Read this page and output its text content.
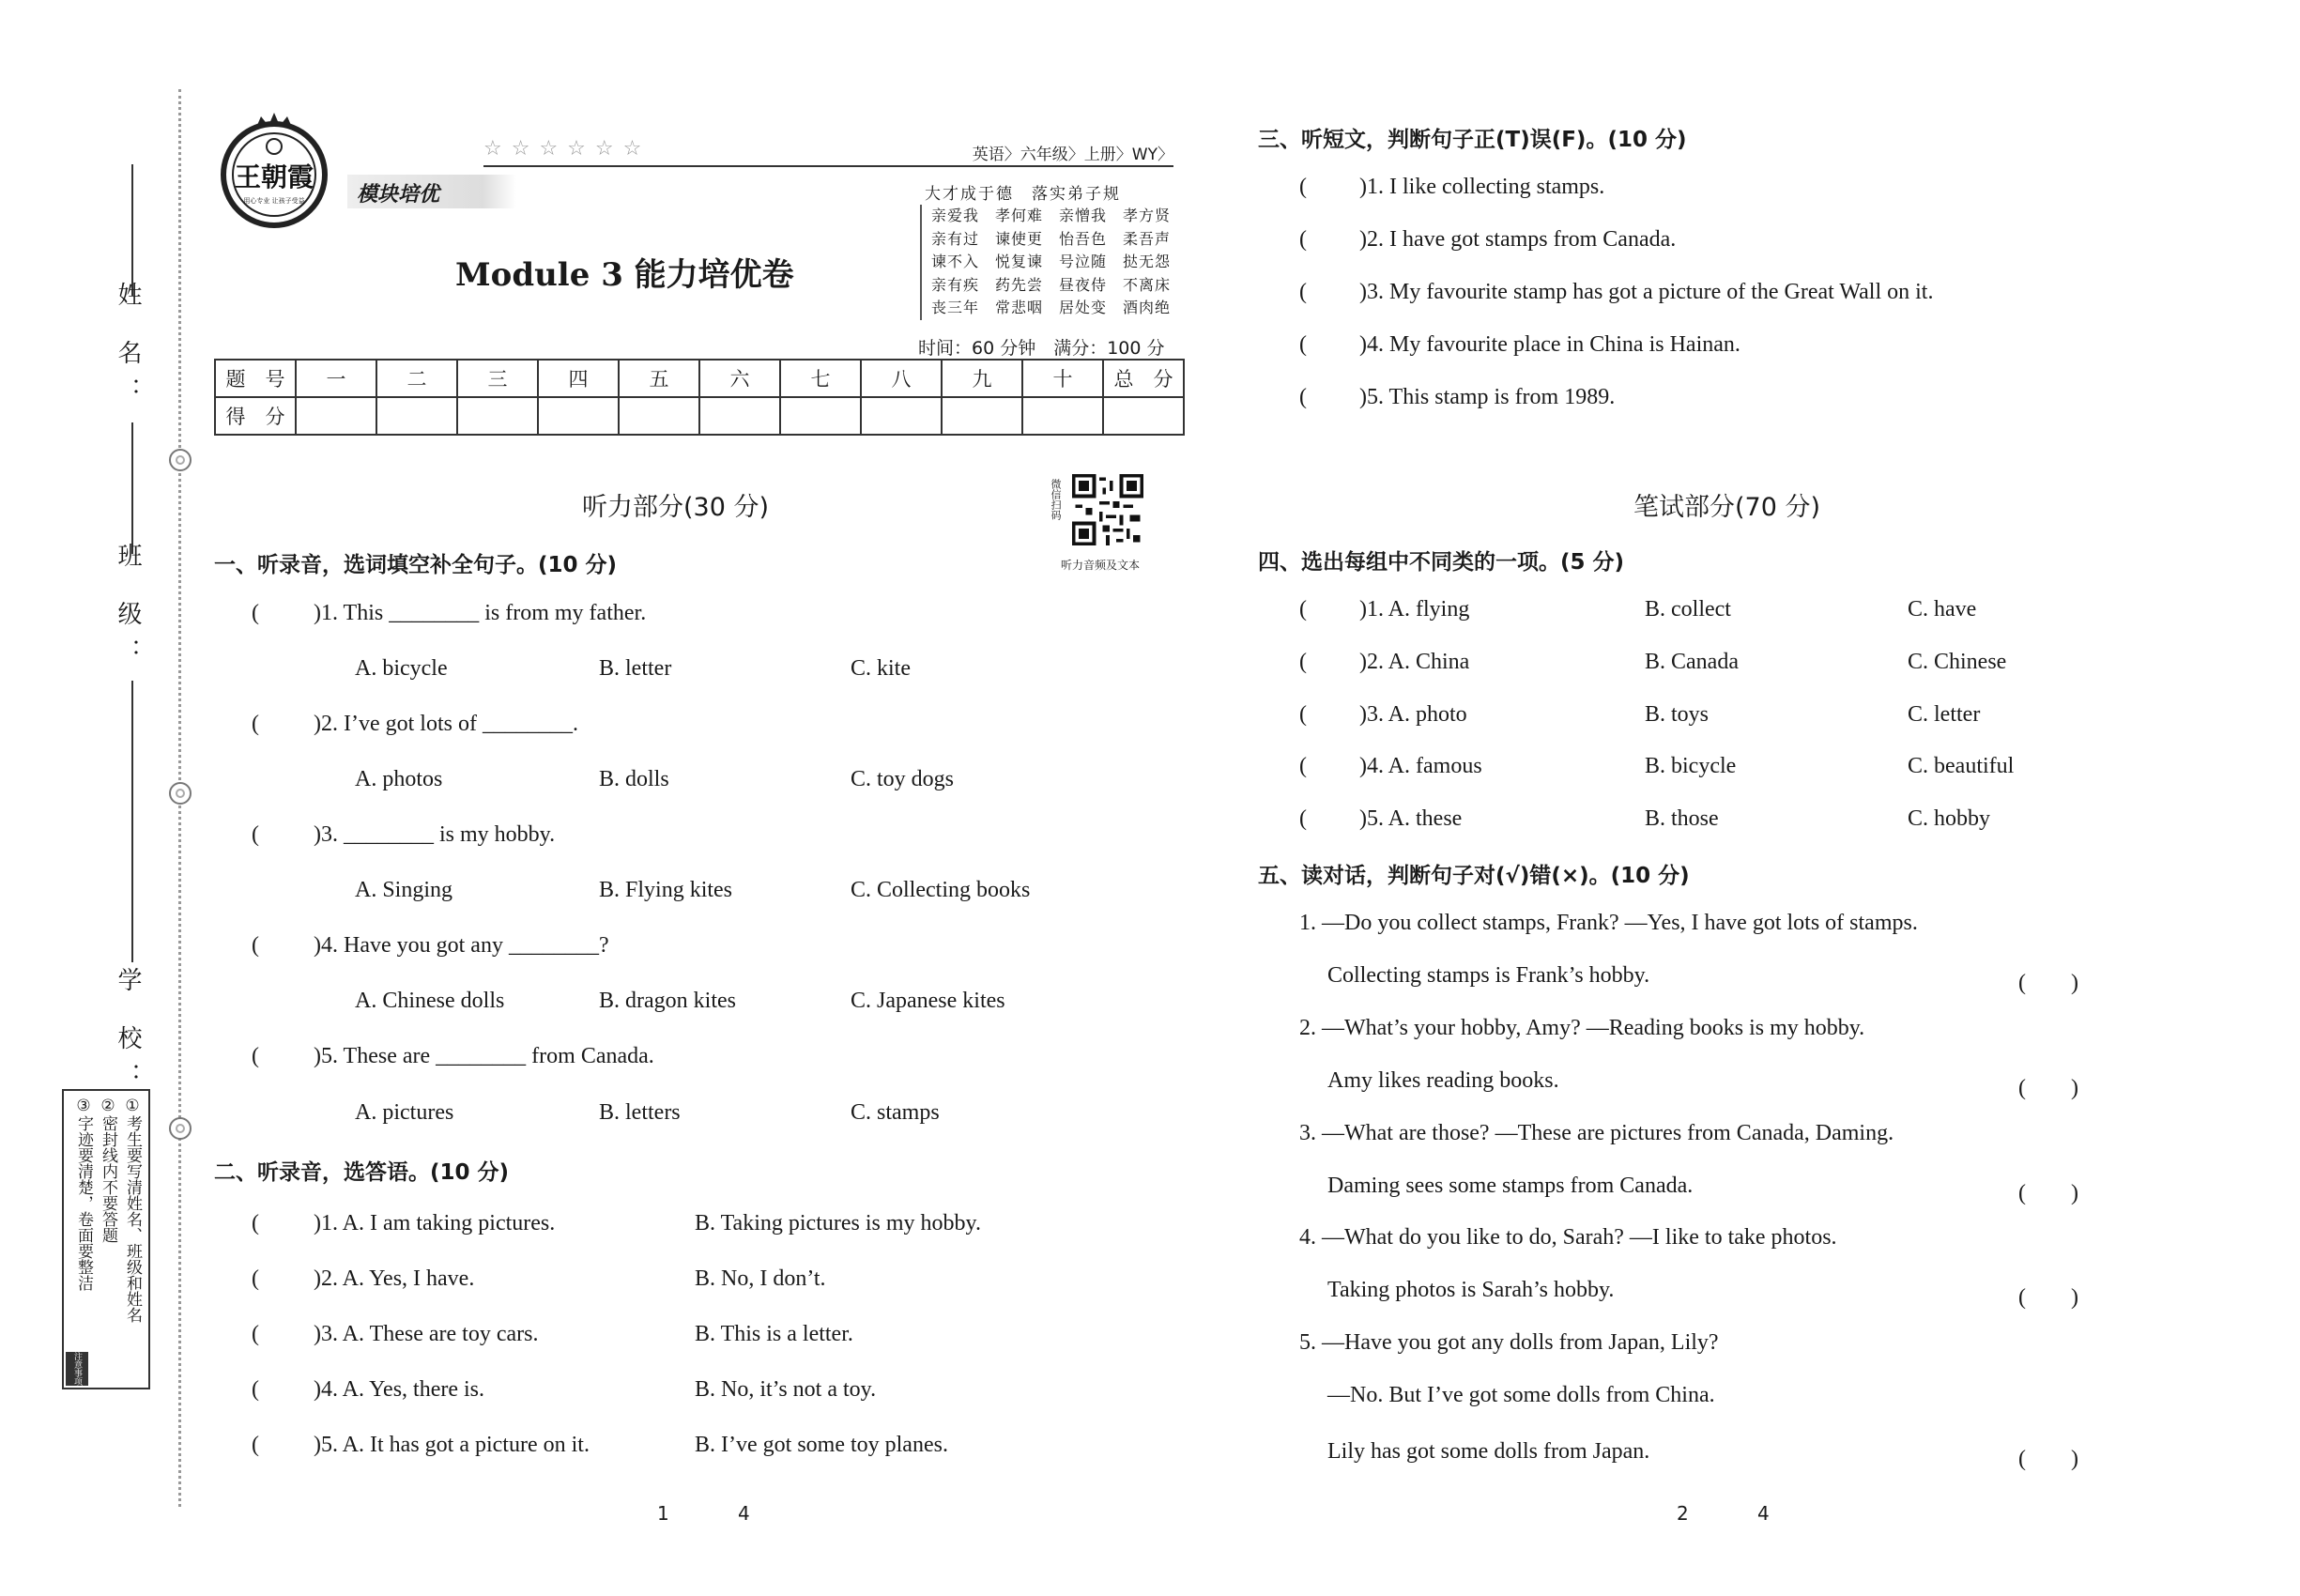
姓 名：
班 级：
学 校：
①考生要写清姓名、班级和姓名
②密封线内不要答题
③字迹要清楚，卷面要整洁
注意事项
王朝霞
用心专业 让孩子受益
☆☆☆☆☆☆	英语〉六年级〉上册〉WY〉
模块培优
Module 3 能力培优卷
大才成于德　落实弟子规
亲爱我　孝何难　亲憎我　孝方贤
亲有过　谏使更　怡吾色　柔吾声
谏不入　悦复谏　号泣随　挞无怨
亲有疾　药先尝　昼夜侍　不离床
丧三年　常悲咽　居处变　酒肉绝
时间：60 分钟　满分：100 分
题　号	一	二	三	四	五	六	七	八	九	十	总　分
得　分											
听力部分(30 分)	微信扫码
听力音频及文本
一、听录音，选词填空补全句子。(10 分)
( )1. This ________ is from my father.
A. bicycle	B. letter	C. kite
( )2. I’ve got lots of ________.
A. photos	B. dolls	C. toy dogs
( )3. ________ is my hobby.
A. Singing	B. Flying kites	C. Collecting books
( )4. Have you got any ________?
A. Chinese dolls	B. dragon kites	C. Japanese kites
( )5. These are ________ from Canada.
A. pictures	B. letters	C. stamps
二、听录音，选答语。(10 分)
( )1. A. I am taking pictures.	B. Taking pictures is my hobby.
( )2. A. Yes, I have.	B. No, I don’t.
( )3. A. These are toy cars.	B. This is a letter.
( )4. A. Yes, there is.	B. No, it’s not a toy.
( )5. A. It has got a picture on it.	B. I’ve got some toy planes.
1	4
三、听短文，判断句子正(T)误(F)。(10 分)
( )1. I like collecting stamps.
( )2. I have got stamps from Canada.
( )3. My favourite stamp has got a picture of the Great Wall on it.
( )4. My favourite place in China is Hainan.
( )5. This stamp is from 1989.
笔试部分(70 分)
四、选出每组中不同类的一项。(5 分)
( )1. A. flying	B. collect	C. have
( )2. A. China	B. Canada	C. Chinese
( )3. A. photo	B. toys	C. letter
( )4. A. famous	B. bicycle	C. beautiful
( )5. A. these	B. those	C. hobby
五、读对话，判断句子对(√)错(×)。(10 分)
1. —Do you collect stamps, Frank? —Yes, I have got lots of stamps.
Collecting stamps is Frank’s hobby.	(　　)
2. —What’s your hobby, Amy? —Reading books is my hobby.
Amy likes reading books.	(　　)
3. —What are those? —These are pictures from Canada, Daming.
Daming sees some stamps from Canada.	(　　)
4. —What do you like to do, Sarah? —I like to take photos.
Taking photos is Sarah’s hobby.	(　　)
5. —Have you got any dolls from Japan, Lily?
—No. But I’ve got some dolls from China.
Lily has got some dolls from Japan.	(　　)
2	4
